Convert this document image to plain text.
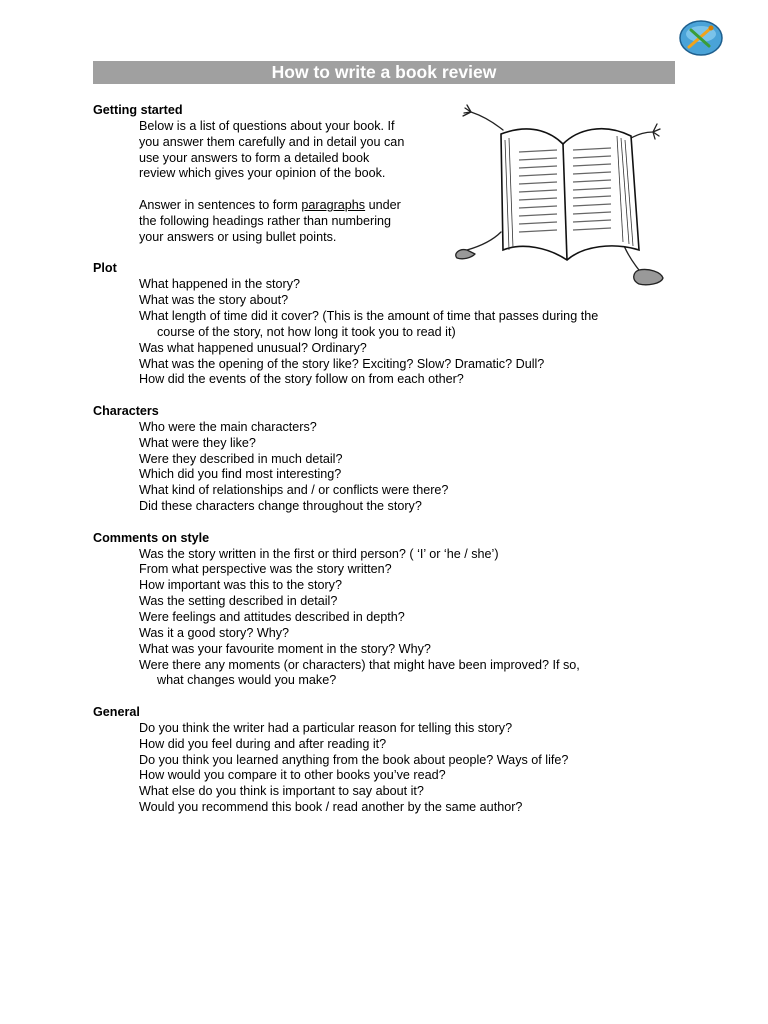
How to write a book review
Getting started
Below is a list of questions about your book. If
you answer them carefully and in detail you can
use your answers to form a detailed book
review which gives your opinion of the book.
Answer in sentences to form paragraphs under
the following headings rather than numbering
your answers or using bullet points.
Plot
What happened in the story?
What was the story about?
What length of time did it cover? (This is the amount of time that passes during the
course of the story, not how long it took you to read it)
Was what happened unusual? Ordinary?
What was the opening of the story like? Exciting? Slow? Dramatic? Dull?
How did the events of the story follow on from each other?
Characters
Who were the main characters?
What were they like?
Were they described in much detail?
Which did you find most interesting?
What kind of relationships and / or conflicts were there?
Did these characters change throughout the story?
Comments on style
Was the story written in the first or third person? ( ‘I’ or ‘he / she’)
From what perspective was the story written?
How important was this to the story?
Was the setting described in detail?
Were feelings and attitudes described in depth?
Was it a good story? Why?
What was your favourite moment in the story? Why?
Were there any moments (or characters) that might have been improved? If so,
what changes would you make?
General
Do you think the writer had a particular reason for telling this story?
How did you feel during and after reading it?
Do you think you learned anything from the book about people? Ways of life?
How would you compare it to other books you’ve read?
What else do you think is important to say about it?
Would you recommend this book / read another by the same author?
